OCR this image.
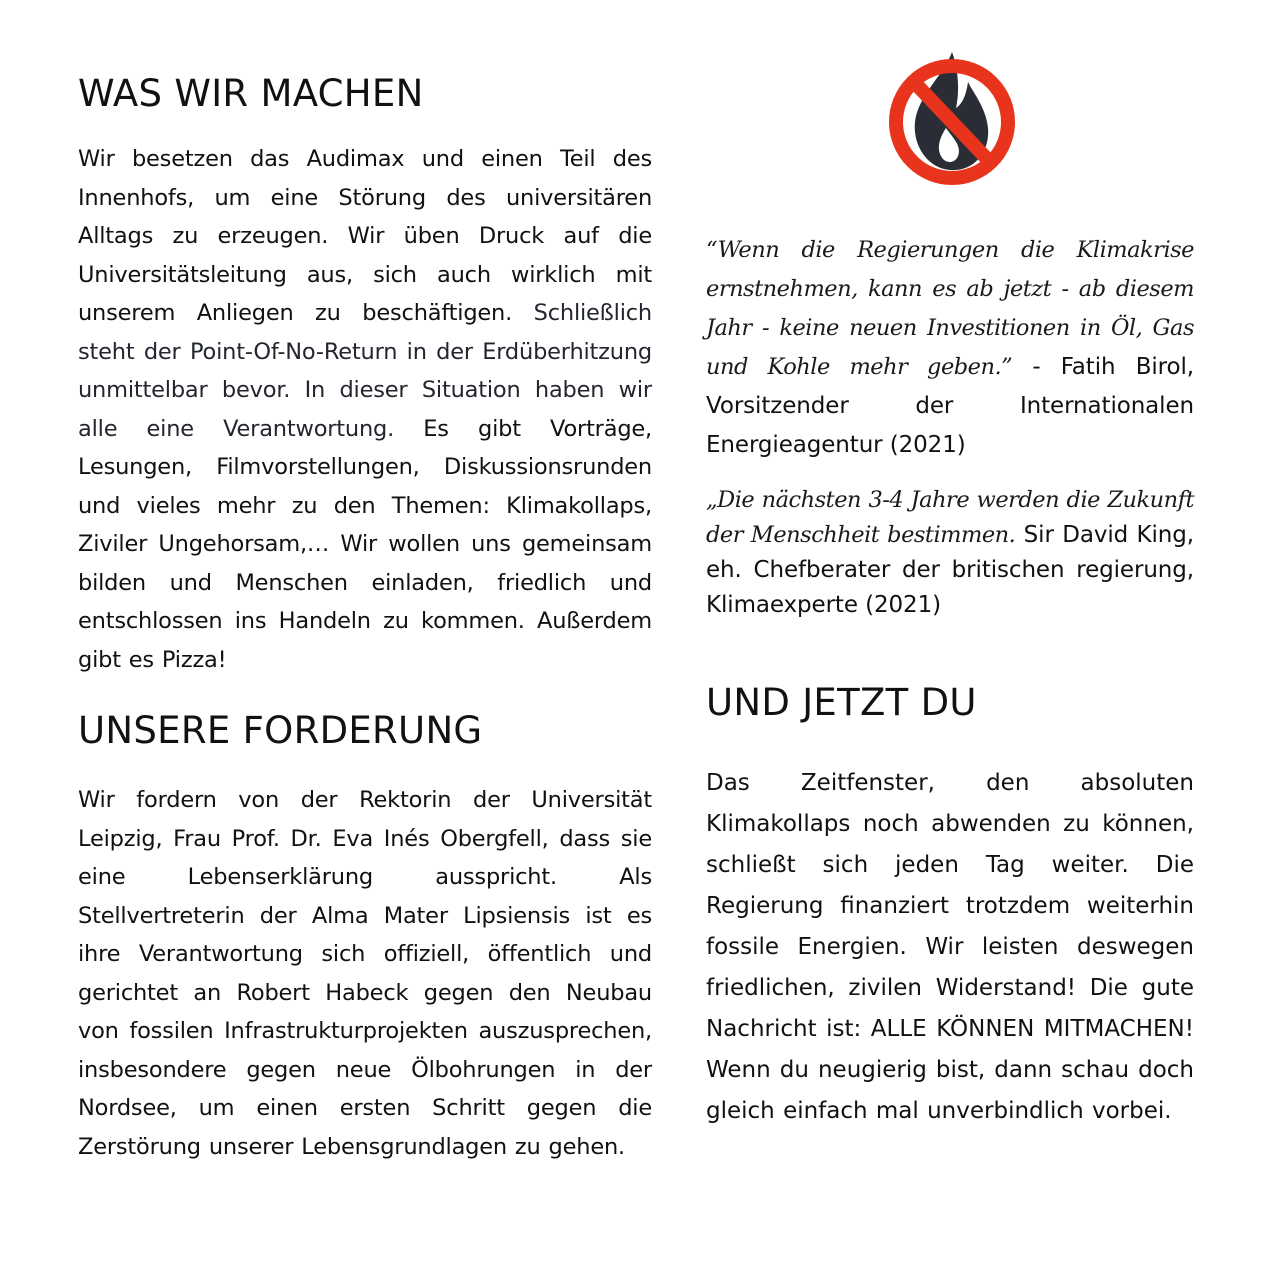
WAS WIR MACHEN

Wir besetzen das Audimax und einen Teil des Innenhofs, um eine Störung des universitären Alltags zu erzeugen. Wir üben Druck auf die Universitätsleitung aus, sich auch wirklich mit unserem Anliegen zu beschäftigen. Schließlich steht der Point-Of-No-Return in der Erdüberhitzung unmittelbar bevor. In dieser Situation haben wir alle eine Verantwortung. Es gibt Vorträge, Lesungen, Filmvorstellungen, Diskussionsrunden und vieles mehr zu den Themen: Klimakollaps, Ziviler Ungehorsam,… Wir wollen uns gemeinsam bilden und Menschen einladen, friedlich und entschlossen ins Handeln zu kommen. Außerdem gibt es Pizza!

UNSERE FORDERUNG

Wir fordern von der Rektorin der Universität Leipzig, Frau Prof. Dr. Eva Inés Obergfell, dass sie eine Lebenserklärung ausspricht. Als Stellvertreterin der Alma Mater Lipsiensis ist es ihre Verantwortung sich offiziell, öffentlich und gerichtet an Robert Habeck gegen den Neubau von fossilen Infrastrukturprojekten auszusprechen, insbesondere gegen neue Ölbohrungen in der Nordsee, um einen ersten Schritt gegen die Zerstörung unserer Lebensgrundlagen zu gehen.

“Wenn die Regierungen die Klimakrise ernstnehmen, kann es ab jetzt - ab diesem Jahr - keine neuen Investitionen in Öl, Gas und Kohle mehr geben.” - Fatih Birol, Vorsitzender der Internationalen Energieagentur (2021)

„Die nächsten 3-4 Jahre werden die Zukunft der Menschheit bestimmen. Sir David King, eh. Chefberater der britischen regierung, Klimaexperte (2021)

UND JETZT DU

Das Zeitfenster, den absoluten Klimakollaps noch abwenden zu können, schließt sich jeden Tag weiter. Die Regierung finanziert trotzdem weiterhin fossile Energien. Wir leisten deswegen friedlichen, zivilen Widerstand! Die gute Nachricht ist: ALLE KÖNNEN MITMACHEN! Wenn du neugierig bist, dann schau doch gleich einfach mal unverbindlich vorbei.
